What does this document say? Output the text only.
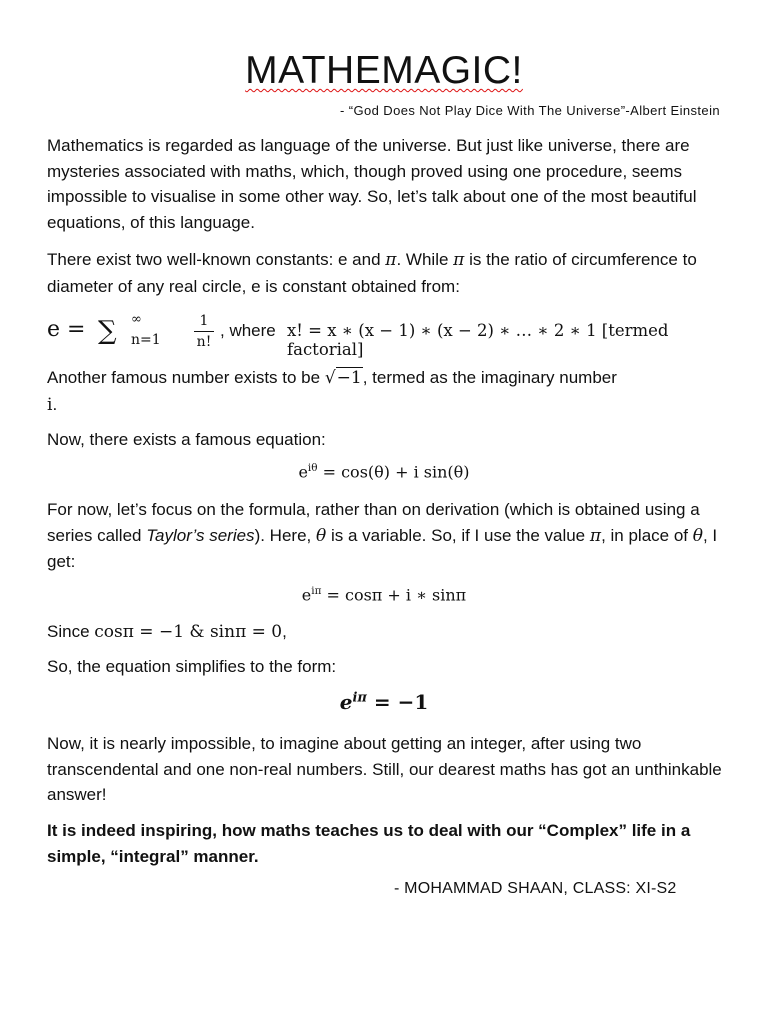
MATHEMAGIC!
- “God Does Not Play Dice With The Universe”-Albert Einstein
Mathematics is regarded as language of the universe. But just like universe, there are mysteries associated with maths, which, though proved using one procedure, seems impossible to visualise in some other way. So, let’s talk about one of the most beautiful equations, of this language.
There exist two well-known constants: e and π. While π is the ratio of circumference to diameter of any real circle, e is constant obtained from:
e = ∑ ∞
n=1
1
n!
, where x! = x ∗ (x − 1) ∗ (x − 2) ∗ … ∗ 2 ∗ 1 [termed factorial]
Another famous number exists to be √−1, termed as the imaginary number
i.
Now, there exists a famous equation:
$e^{i\theta} = \cos(\theta) + i$ sin(θ)
For now, let’s focus on the formula, rather than on derivation (which is obtained using a series called Taylor’s series). Here, θ is a variable. So, if I use the value π, in place of θ, I get:
$e^{i\pi} = \cos\pi + i$ ∗ sinπ
Since cosπ = −1 & sinπ = 0,
So, the equation simplifies to the form:
$e^{i\pi} = -1$
Now, it is nearly impossible, to imagine about getting an integer, after using two transcendental and one non-real numbers. Still, our dearest maths has got an unthinkable answer!
It is indeed inspiring, how maths teaches us to deal with our “Complex” life in a simple, “integral” manner.
- MOHAMMAD SHAAN, CLASS: XI-S2
